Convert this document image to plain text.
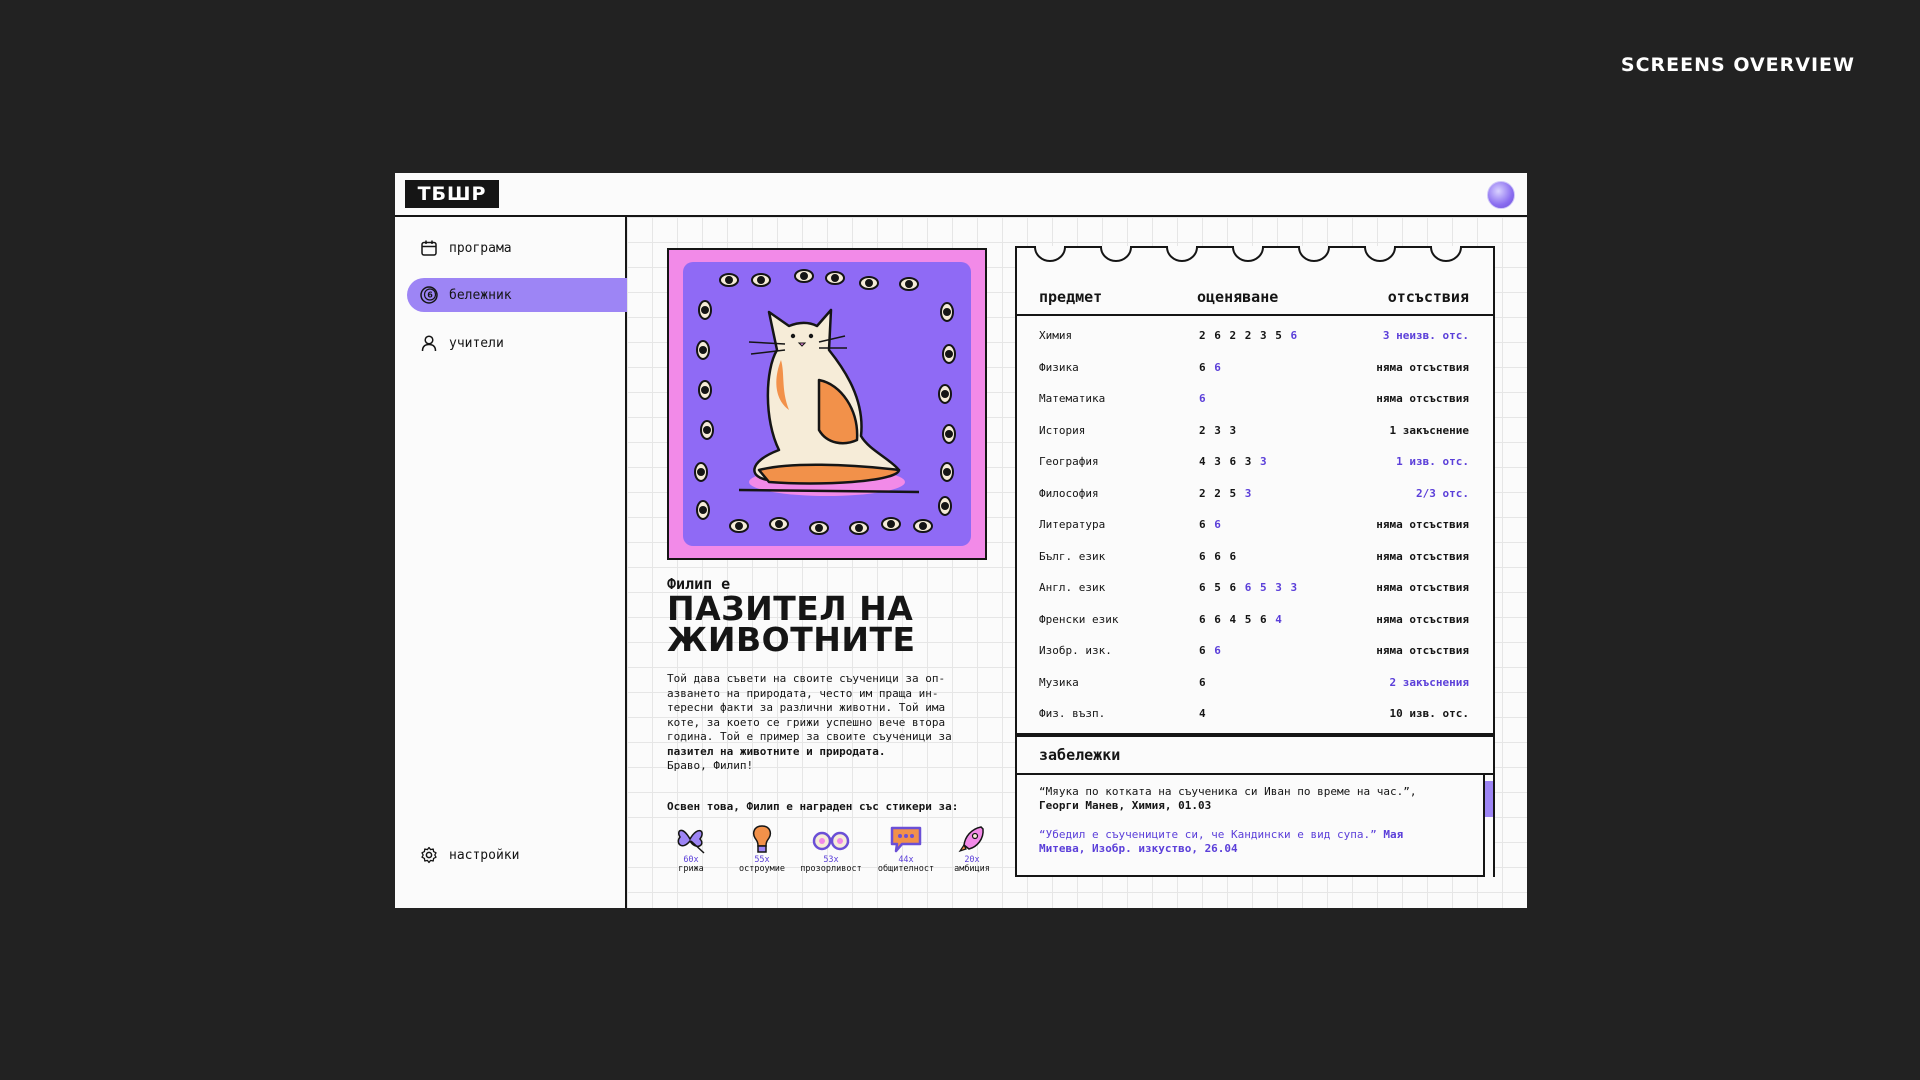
SCREENS OVERVIEW
ТБШР
програма
6 бележник
учители
настройки
Филип е
ПАЗИТЕЛ НА
ЖИВОТНИТЕ
Той дава съвети на своите съученици за оп-
азването на природата, често им праща ин-
тересни факти за различни животни. Той има
коте, за което се грижи успешно вече втора
година. Той е пример за своите съученици за
пазител на животните и природата.
Браво, Филип!
Освен това, Филип е награден със стикери за:
60x
грижа
55x
остроумие
53x
прозорливост
44x
общителност
20x
амбиция
предмет	оценяване	отсъствия
Химия	2 6 2 2 3 5 6	3 неизв. отс.
Физика	6 6	няма отсъствия
Математика	6	няма отсъствия
История	2 3 3	1 закъснение
География	4 3 6 3 3	1 изв. отс.
Философия	2 2 5 3	2/3 отс.
Литература	6 6	няма отсъствия
Бълг. език	6 6 6	няма отсъствия
Англ. език	6 5 6 6 5 3 3	няма отсъствия
Френски език	6 6 4 5 6 4	няма отсъствия
Изобр. изк.	6 6	няма отсъствия
Музика	6	2 закъснения
Физ. възп.	4	10 изв. отс.
забележки
“Мяука по котката на съученика си Иван по време на час.”,
Георги Манев, Химия, 01.03
“Убедил е съучениците си, че Кандински е вид супа.” Мая
Митева, Изобр. изкуство, 26.04
